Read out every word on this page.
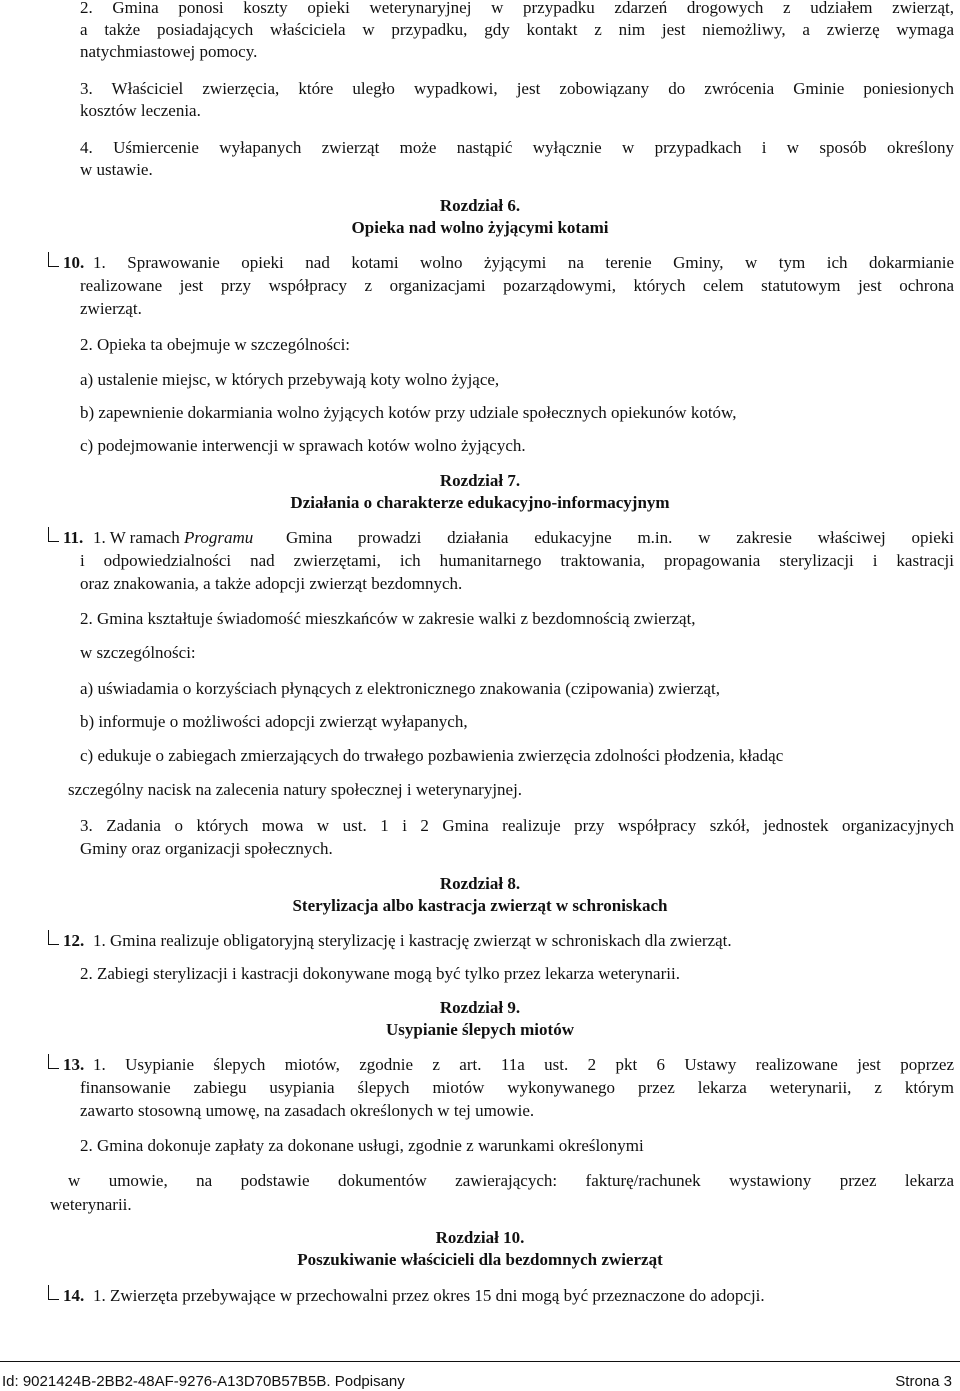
2. Gmina ponosi koszty opieki weterynaryjnej w przypadku zdarzeń drogowych z udziałem zwierząt,
a także posiadających właściciela w przypadku, gdy kontakt z nim jest niemożliwy, a zwierzę wymaga
natychmiastowej pomocy.
3. Właściciel zwierzęcia, które uległo wypadkowi, jest zobowiązany do zwrócenia Gminie poniesionych
kosztów leczenia.
4. Uśmiercenie wyłapanych zwierząt może nastąpić wyłącznie w przypadkach i w sposób określony
w ustawie.
Rozdział 6.
Opieka nad wolno żyjącymi kotami
10. 1. Sprawowanie opieki nad kotami wolno żyjącymi na terenie Gminy, w tym ich dokarmianie
realizowane jest przy współpracy z organizacjami pozarządowymi, których celem statutowym jest ochrona
zwierząt.
2. Opieka ta obejmuje w szczególności:
a) ustalenie miejsc, w których przebywają koty wolno żyjące,
b) zapewnienie dokarmiania wolno żyjących kotów przy udziale społecznych opiekunów kotów,
c) podejmowanie interwencji w sprawach kotów wolno żyjących.
Rozdział 7.
Działania o charakterze edukacyjno-informacyjnym
11. 1. W ramach Programu Gmina prowadzi działania edukacyjne m.in. w zakresie właściwej opieki
i odpowiedzialności nad zwierzętami, ich humanitarnego traktowania, propagowania sterylizacji i kastracji
oraz znakowania, a także adopcji zwierząt bezdomnych.
2. Gmina kształtuje świadomość mieszkańców w zakresie walki z bezdomnością zwierząt,
w szczególności:
a) uświadamia o korzyściach płynących z elektronicznego znakowania (czipowania) zwierząt,
b) informuje o możliwości adopcji zwierząt wyłapanych,
c) edukuje o zabiegach zmierzających do trwałego pozbawienia zwierzęcia zdolności płodzenia, kładąc
szczególny nacisk na zalecenia natury społecznej i weterynaryjnej.
3. Zadania o których mowa w ust. 1 i 2 Gmina realizuje przy współpracy szkół, jednostek organizacyjnych
Gminy oraz organizacji społecznych.
Rozdział 8.
Sterylizacja albo kastracja zwierząt w schroniskach
12. 1. Gmina realizuje obligatoryjną sterylizację i kastrację zwierząt w schroniskach dla zwierząt.
2. Zabiegi sterylizacji i kastracji dokonywane mogą być tylko przez lekarza weterynarii.
Rozdział 9.
Usypianie ślepych miotów
13. 1. Usypianie ślepych miotów, zgodnie z art. 11a ust. 2 pkt 6 Ustawy realizowane jest poprzez
finansowanie zabiegu usypiania ślepych miotów wykonywanego przez lekarza weterynarii, z którym
zawarto stosowną umowę, na zasadach określonych w tej umowie.
2. Gmina dokonuje zapłaty za dokonane usługi, zgodnie z warunkami określonymi
w umowie, na podstawie dokumentów zawierających: fakturę/rachunek wystawiony przez lekarza
weterynarii.
Rozdział 10.
Poszukiwanie właścicieli dla bezdomnych zwierząt
14. 1. Zwierzęta przebywające w przechowalni przez okres 15 dni mogą być przeznaczone do adopcji.
Id: 9021424B-2BB2-48AF-9276-A13D70B57B5B. Podpisany	Strona 3
